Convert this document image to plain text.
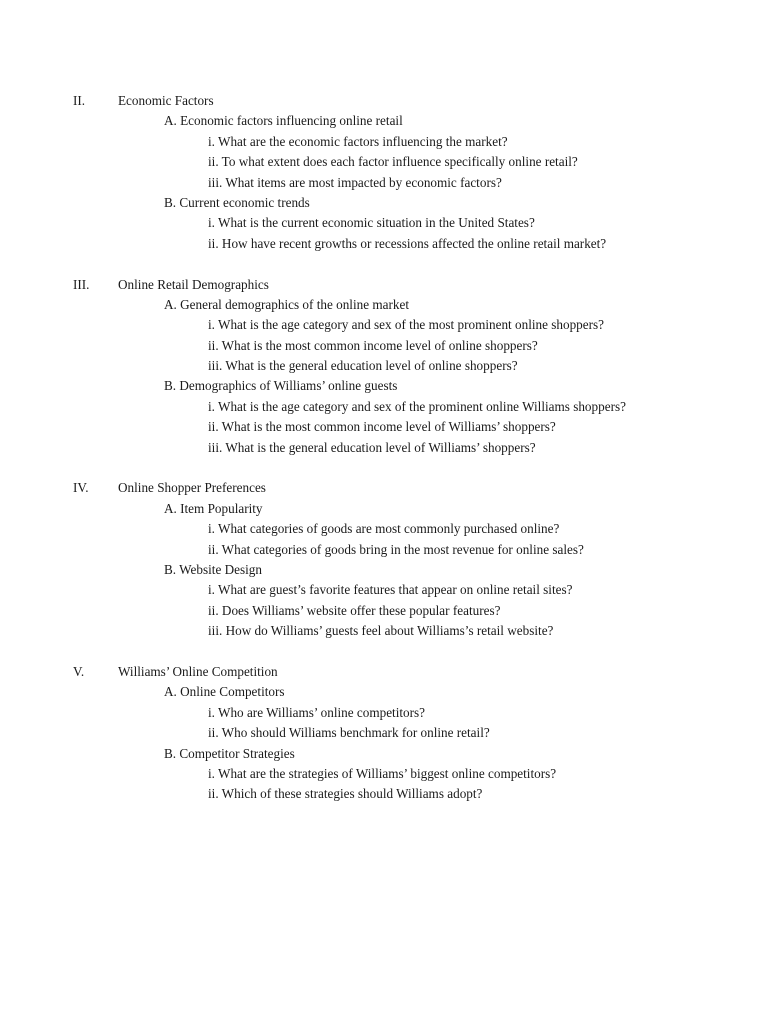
II. Economic Factors
A. Economic factors influencing online retail
i. What are the economic factors influencing the market?
ii. To what extent does each factor influence specifically online retail?
iii. What items are most impacted by economic factors?
B. Current economic trends
i. What is the current economic situation in the United States?
ii. How have recent growths or recessions affected the online retail market?
III. Online Retail Demographics
A. General demographics of the online market
i. What is the age category and sex of the most prominent online shoppers?
ii. What is the most common income level of online shoppers?
iii. What is the general education level of online shoppers?
B. Demographics of Williams’ online guests
i. What is the age category and sex of the prominent online Williams shoppers?
ii. What is the most common income level of Williams’ shoppers?
iii. What is the general education level of Williams’ shoppers?
IV. Online Shopper Preferences
A. Item Popularity
i. What categories of goods are most commonly purchased online?
ii. What categories of goods bring in the most revenue for online sales?
B. Website Design
i. What are guest’s favorite features that appear on online retail sites?
ii. Does Williams’ website offer these popular features?
iii. How do Williams’ guests feel about Williams’s retail website?
V.	Williams’ Online Competition
A. Online Competitors
i. Who are Williams’ online competitors?
ii. Who should Williams benchmark for online retail?
B. Competitor Strategies
i. What are the strategies of Williams’ biggest online competitors?
ii. Which of these strategies should Williams adopt?
